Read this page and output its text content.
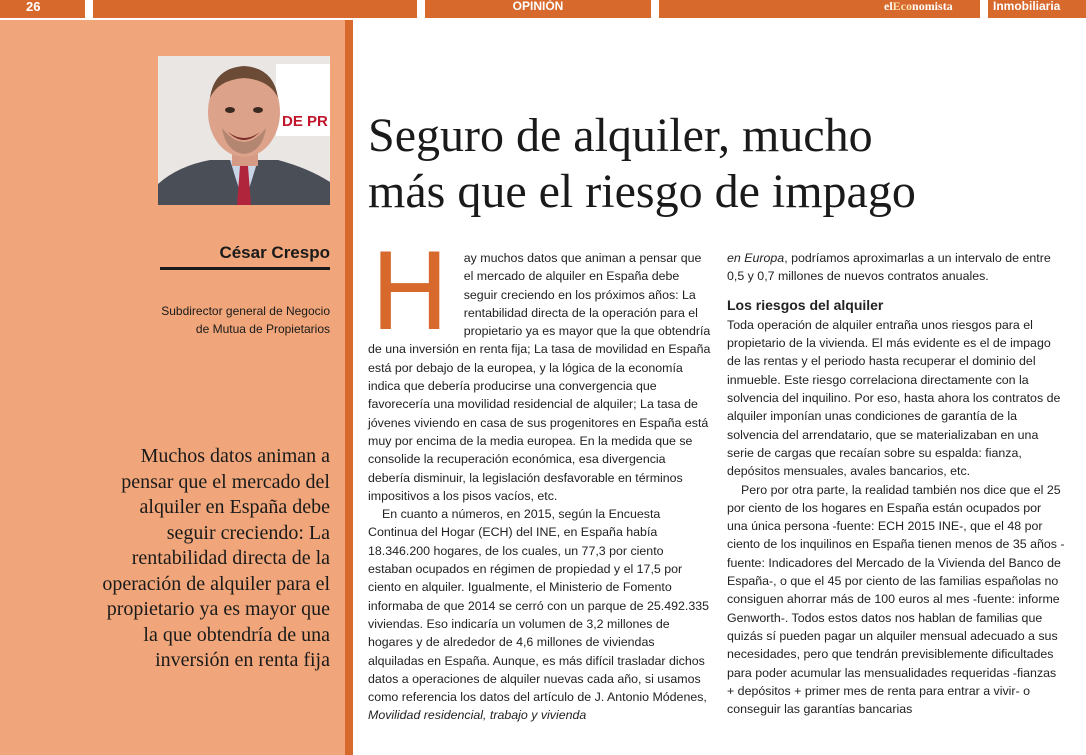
26	OPINIÓN	elEconomista	Inmobiliaria
DE PR
César Crespo
Subdirector general de Negocio
de Mutua de Propietarios
Muchos datos animan a pensar que el mercado del alquiler en España debe seguir creciendo: La rentabilidad directa de la operación de alquiler para el propietario ya es mayor que la que obtendría de una inversión en renta fija
Seguro de alquiler, mucho
más que el riesgo de impago
H ay muchos datos que animan a pensar que el mercado de alquiler en España debe seguir creciendo en los próximos años: La rentabilidad directa de la operación para el propietario ya es mayor que la que obtendría de una inversión en renta fija; La tasa de movilidad en España está por debajo de la europea, y la lógica de la economía indica que debería producirse una convergencia que favorecería una movilidad residencial de alquiler; La tasa de jóvenes viviendo en casa de sus progenitores en España está muy por encima de la media europea. En la medida que se consolide la recuperación económica, esa divergencia debería disminuir, la legislación desfavorable en términos impositivos a los pisos vacíos, etc.
En cuanto a números, en 2015, según la Encuesta Continua del Hogar (ECH) del INE, en España había 18.346.200 hogares, de los cuales, un 77,3 por ciento estaban ocupados en régimen de propiedad y el 17,5 por ciento en alquiler. Igualmente, el Ministerio de Fomento informaba de que 2014 se cerró con un parque de 25.492.335 viviendas. Eso indicaría un volumen de 3,2 millones de hogares y de alrededor de 4,6 millones de viviendas alquiladas en España. Aunque, es más difícil trasladar dichos datos a operaciones de alquiler nuevas cada año, si usamos como referencia los datos del artículo de J. Antonio Módenes, Movilidad residencial, trabajo y vivienda
en Europa, podríamos aproximarlas a un intervalo de entre 0,5 y 0,7 millones de nuevos contratos anuales.
Los riesgos del alquiler
Toda operación de alquiler entraña unos riesgos para el propietario de la vivienda. El más evidente es el de impago de las rentas y el periodo hasta recuperar el dominio del inmueble. Este riesgo correlaciona directamente con la solvencia del inquilino. Por eso, hasta ahora los contratos de alquiler imponían unas condiciones de garantía de la solvencia del arrendatario, que se materializaban en una serie de cargas que recaían sobre su espalda: fianza, depósitos mensuales, avales bancarios, etc.
Pero por otra parte, la realidad también nos dice que el 25 por ciento de los hogares en España están ocupados por una única persona -fuente: ECH 2015 INE-, que el 48 por ciento de los inquilinos en España tienen menos de 35 años -fuente: Indicadores del Mercado de la Vivienda del Banco de España-, o que el 45 por ciento de las familias españolas no consiguen ahorrar más de 100 euros al mes -fuente: informe Genworth-. Todos estos datos nos hablan de familias que quizás sí pueden pagar un alquiler mensual adecuado a sus necesidades, pero que tendrán previsiblemente dificultades para poder acumular las mensualidades requeridas -fianzas + depósitos + primer mes de renta para entrar a vivir- o conseguir las garantías bancarias
